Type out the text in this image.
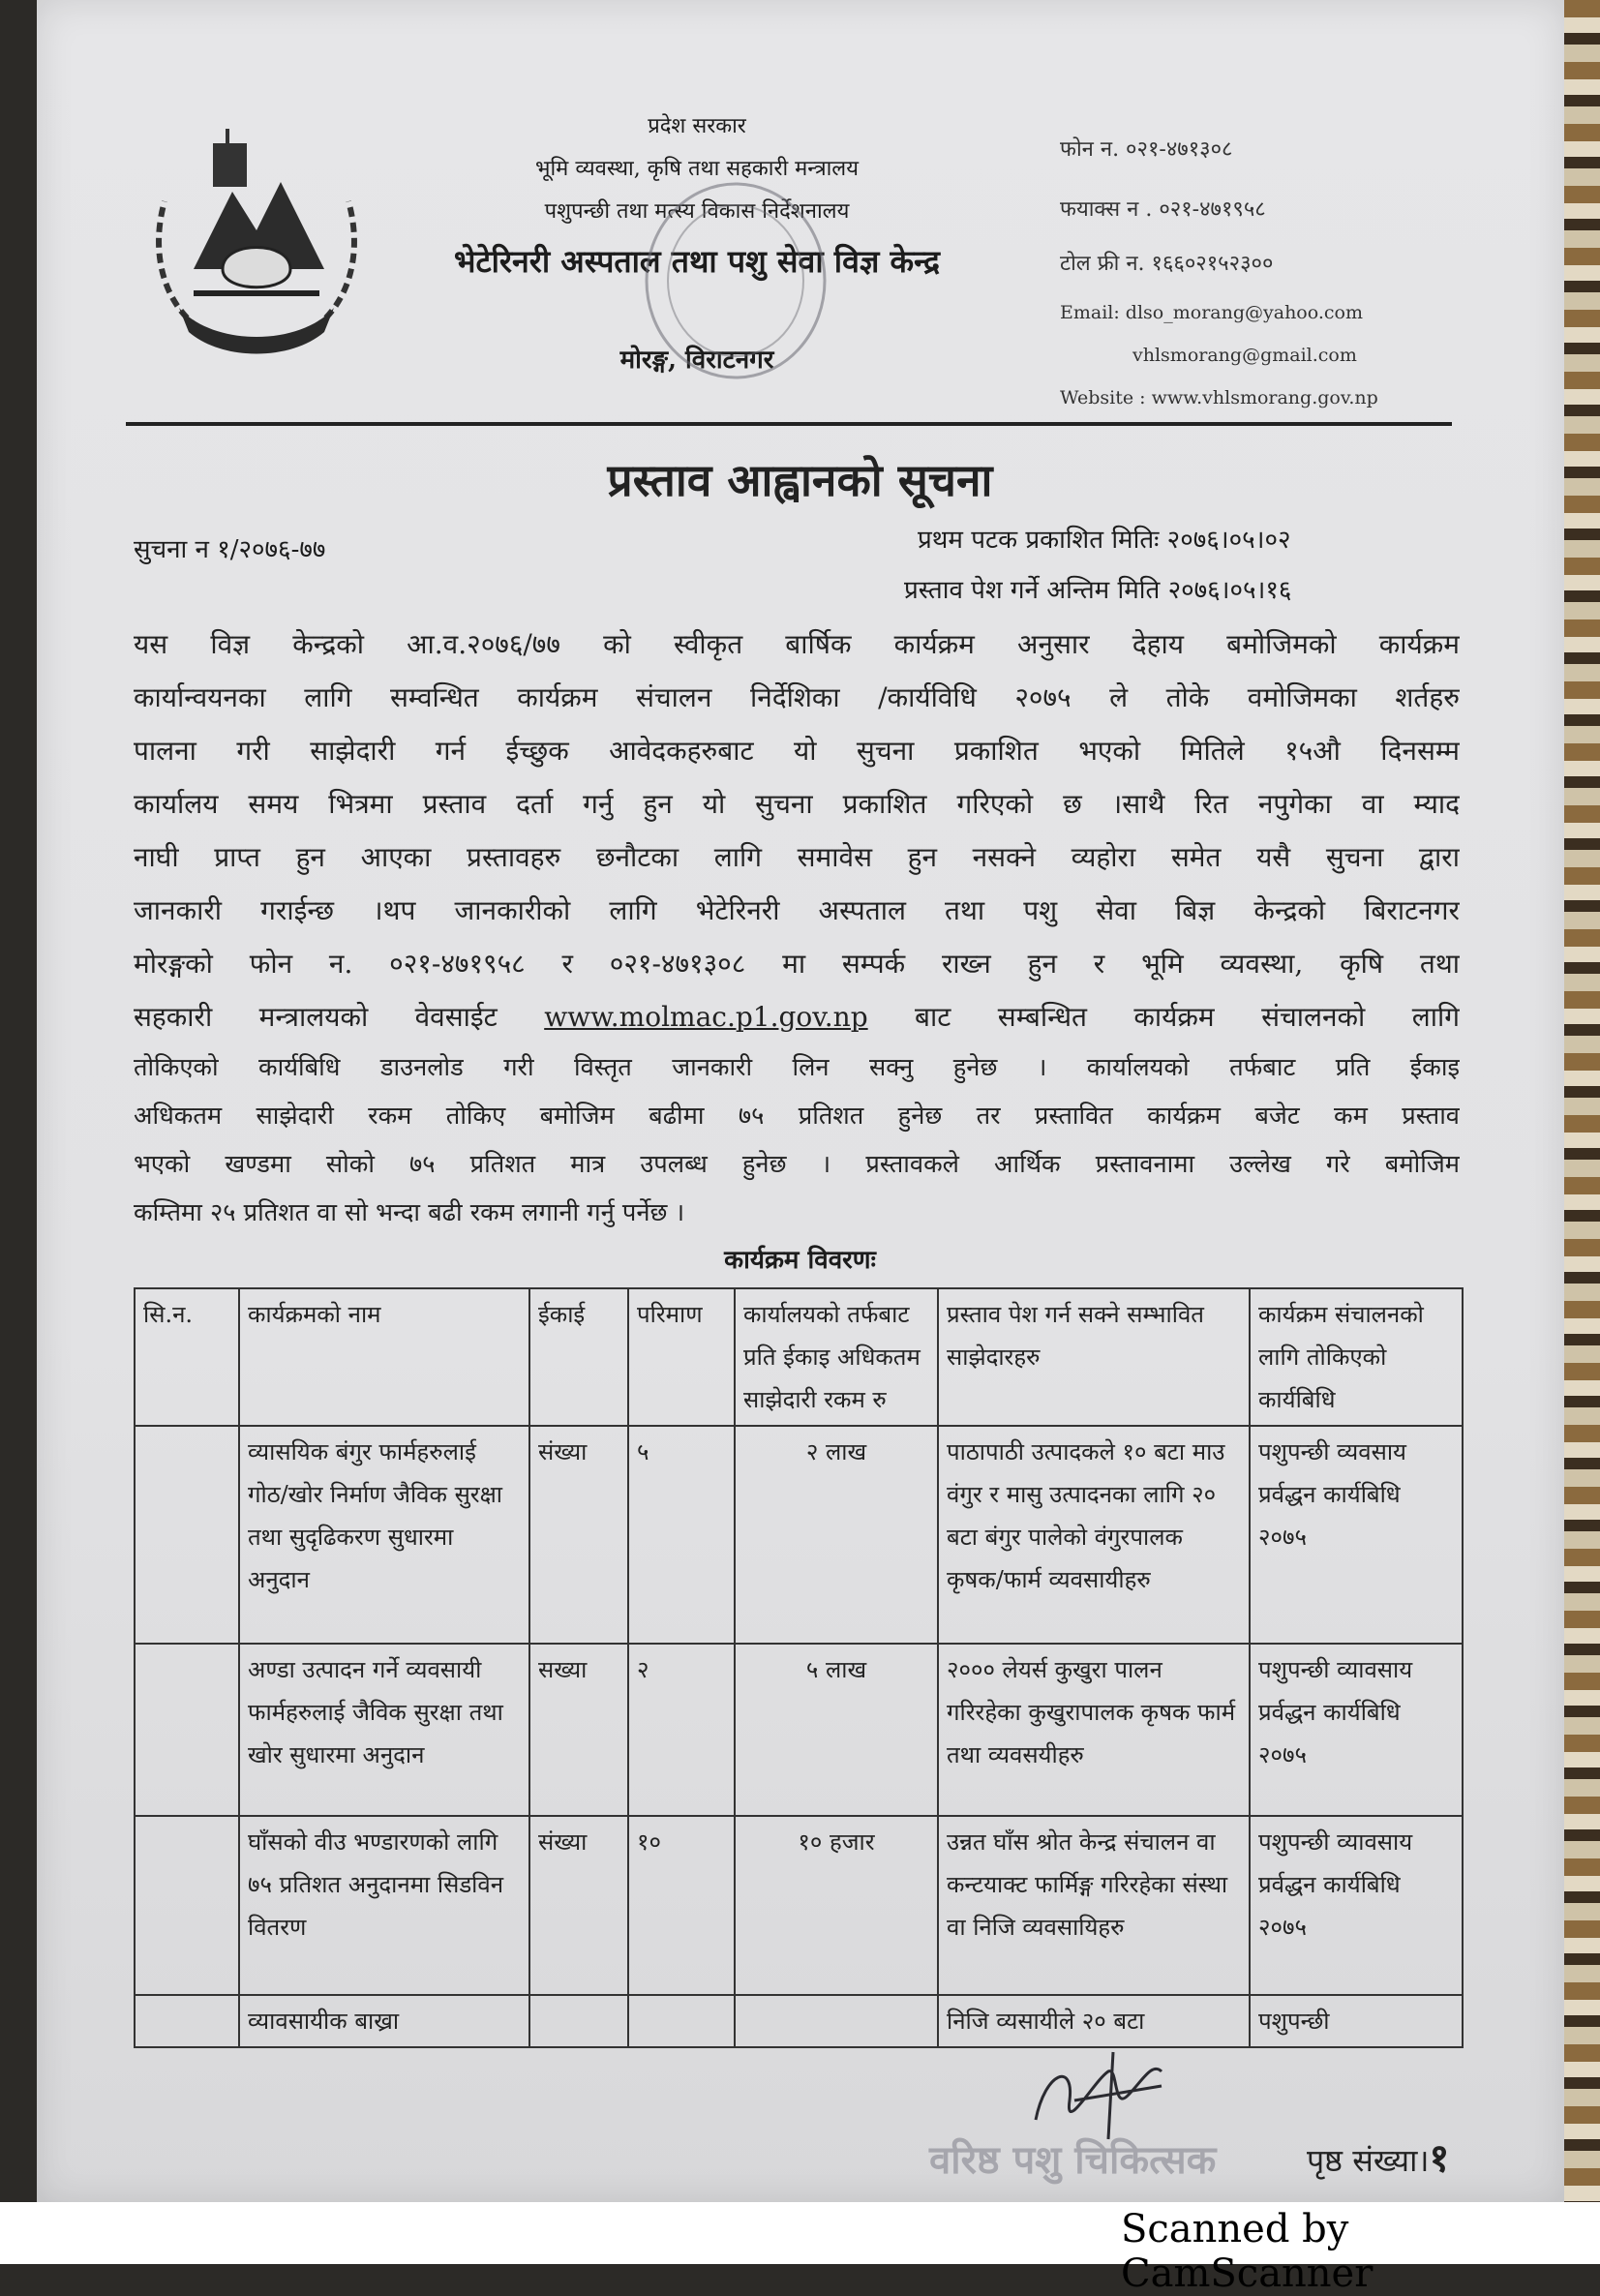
प्रदेश सरकार
भूमि व्यवस्था, कृषि तथा सहकारी मन्त्रालय
पशुपन्छी तथा मत्स्य विकास निर्देशनालय
भेटेरिनरी अस्पताल तथा पशु सेवा विज्ञ केन्द्र
मोरङ्ग, विराटनगर
फोन न. ०२१-४७१३०८
फयाक्स न . ०२१-४७१९५८
टोल फ्री न. १६६०२१५२३००
Email: dlso_morang@yahoo.com
vhlsmorang@gmail.com
Website : www.vhlsmorang.gov.np
प्रस्ताव आह्वानको सूचना
सुचना न १/२०७६-७७	प्रथम पटक प्रकाशित मितिः २०७६।०५।०२
प्रस्ताव पेश गर्ने अन्तिम मिति २०७६।०५।१६

यस विज्ञ केन्द्रको आ.व.२०७६/७७ को स्वीकृत बार्षिक कार्यक्रम अनुसार देहाय बमोजिमको कार्यक्रम

कार्यान्वयनका लागि सम्वन्धित कार्यक्रम संचालन निर्देशिका /कार्यविधि २०७५ ले तोके वमोजिमका शर्तहरु

पालना गरी साझेदारी गर्न ईच्छुक आवेदकहरुबाट यो सुचना प्रकाशित भएको मितिले १५औ दिनसम्म

कार्यालय समय भित्रमा प्रस्ताव दर्ता गर्नु हुन यो सुचना प्रकाशित गरिएको छ ।साथै रित नपुगेका वा म्याद

नाघी प्राप्त हुन आएका प्रस्तावहरु छनौटका लागि समावेस हुन नसक्ने व्यहोरा समेत यसै सुचना द्वारा

जानकारी गराईन्छ ।थप जानकारीको लागि भेटेरिनरी अस्पताल तथा पशु सेवा बिज्ञ केन्द्रको बिराटनगर

मोरङ्गको फोन न. ०२१-४७१९५८ र ०२१-४७१३०८ मा सम्पर्क राख्न हुन र भूमि व्यवस्था, कृषि तथा

सहकारी मन्त्रालयको वेवसाईट www.molmac.p1.gov.np बाट सम्बन्धित कार्यक्रम संचालनको लागि

तोकिएको कार्यबिधि डाउनलोड गरी विस्तृत जानकारी लिन सक्नु हुनेछ । कार्यालयको तर्फबाट प्रति ईकाइ

अधिकतम साझेदारी रकम तोकिए बमोजिम बढीमा ७५ प्रतिशत हुनेछ तर प्रस्तावित कार्यक्रम बजेट कम प्रस्ताव

भएको खण्डमा सोको ७५ प्रतिशत मात्र उपलब्ध हुनेछ । प्रस्तावकले आर्थिक प्रस्तावनामा उल्लेख गरे बमोजिम

कम्तिमा २५ प्रतिशत वा सो भन्दा बढी रकम लगानी गर्नु पर्नेछ ।

कार्यक्रम विवरणः
सि.न.	कार्यक्रमको नाम	ईकाई	परिमाण	कार्यालयको तर्फबाट प्रति ईकाइ अधिकतम साझेदारी रकम रु	प्रस्ताव पेश गर्न सक्ने सम्भावित साझेदारहरु	कार्यक्रम संचालनको लागि तोकिएको कार्यबिधि
	व्यासयिक बंगुर फार्महरुलाई गोठ/खोर निर्माण जैविक सुरक्षा तथा सुदृढिकरण सुधारमा अनुदान	संख्या	५	२ लाख	पाठापाठी उत्पादकले १० बटा माउ वंगुर र मासु उत्पादनका लागि २० बटा बंगुर पालेको वंगुरपालक कृषक/फार्म व्यवसायीहरु	पशुपन्छी व्यवसाय प्रर्वद्धन कार्यबिधि २०७५
	अण्डा उत्पादन गर्ने व्यवसायी फार्महरुलाई जैविक सुरक्षा तथा खोर सुधारमा अनुदान	सख्या	२	५ लाख	२००० लेयर्स कुखुरा पालन गरिरहेका कुखुरापालक कृषक फार्म तथा व्यवसयीहरु	पशुपन्छी व्यावसाय प्रर्वद्धन कार्यबिधि २०७५
	घाँसको वीउ भण्डारणको लागि ७५ प्रतिशत अनुदानमा सिडविन वितरण	संख्या	१०	१० हजार	उन्नत घाँस श्रोत केन्द्र संचालन वा कन्टयाक्ट फार्मिङ्ग गरिरहेका संस्था वा निजि व्यवसायिहरु	पशुपन्छी व्यावसाय प्रर्वद्धन कार्यबिधि २०७५
	व्यावसायीक बाख्रा				निजि व्यसायीले २० बटा	पशुपन्छी
वरिष्ठ पशु चिकित्सक	पृष्ठ संख्या।१
Scanned by CamScanner
